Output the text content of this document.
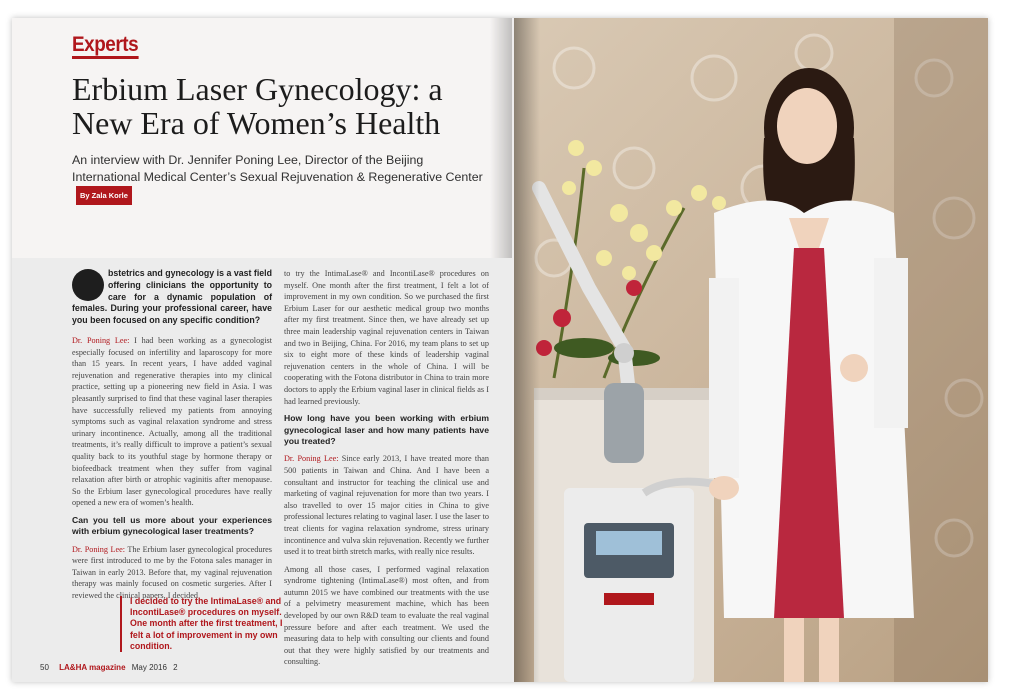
Experts
Erbium Laser Gynecology: a New Era of Women’s Health

An interview with Dr. Jennifer Poning Lee, Director of the Beijing International Medical Center’s Sexual Rejuvenation & Regenerative Center By Zala Korle

bstetrics and gynecology is a vast field offering clinicians the opportunity to care for a dynamic population of females. During your professional career, have you been focused on any specific condition?

Dr. Poning Lee: I had been working as a gynecologist especially focused on infertility and laparoscopy for more than 15 years. In recent years, I have added vaginal rejuvenation and regenerative therapies into my clinical practice, setting up a pioneering new field in Asia. I was pleasantly surprised to find that these vaginal laser therapies have successfully relieved my patients from annoying symptoms such as vaginal relaxation syndrome and stress urinary incontinence. Actually, among all the traditional treatments, it’s really difficult to improve a patient’s sexual quality back to its youthful stage by hormone therapy or biofeedback treatment when they suffer from vaginal relaxation after birth or atrophic vaginitis after menopause. So the Erbium laser gynecological procedures have really opened a new era of women’s health.

Can you tell us more about your experiences with erbium gynecological laser treatments?

Dr. Poning Lee: The Erbium laser gynecological procedures were first introduced to me by the Fotona sales manager in Taiwan in early 2013. Before that, my vaginal rejuvenation therapy was mainly focused on cosmetic surgeries. After I reviewed the clinical papers, I decided

I decided to try the IntimaLase® and IncontiLase® procedures on myself. One month after the first treatment, I felt a lot of improvement in my own condition.

to try the IntimaLase® and IncontiLase® procedures on myself. One month after the first treatment, I felt a lot of improvement in my own condition. So we purchased the first Erbium Laser for our aesthetic medical group two months after my first treatment. Since then, we have already set up three main leadership vaginal rejuvenation centers in Taiwan and two in Beijing, China. For 2016, my team plans to set up six to eight more of these kinds of leadership vaginal rejuvenation centers in the whole of China. I will be cooperating with the Fotona distributor in China to train more doctors to apply the Erbium vaginal laser in clinical fields as I had learned previously.

How long have you been working with erbium gynecological laser and how many patients have you treated?

Dr. Poning Lee: Since early 2013, I have treated more than 500 patients in Taiwan and China. And I have been a consultant and instructor for teaching the clinical use and marketing of vaginal rejuvenation for more than two years. I also travelled to over 15 major cities in China to give professional lectures relating to vaginal laser. I use the laser to treat clients for vagina relaxation syndrome, stress urinary incontinence and vulva skin rejuvenation. Recently we further used it to treat birth stretch marks, with really nice results.

Among all those cases, I performed vaginal relaxation syndrome tightening (IntimaLase®) most often, and from autumn 2015 we have combined our treatments with the use of a pelvimetry measurement machine, which has been developed by our own R&D team to evaluate the real vaginal pressure before and after each treatment. We used the measuring data to help with consulting our clients and found out that they were highly satisfied by our treatments and consulting.

50 LA&HA magazine May 2016 2
